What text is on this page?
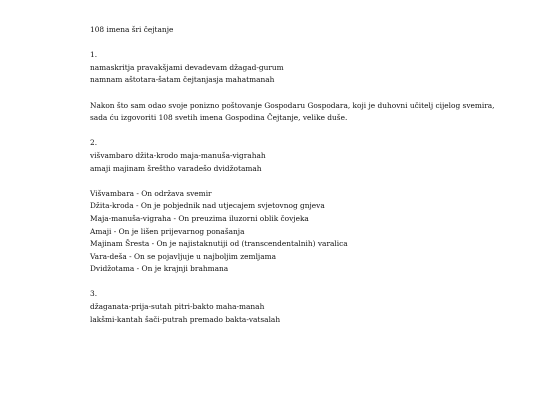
108 imena šri čejtanje
1.
namaskritja pravakšjami devadevam džagad-gurum
namnam aštotara-šatam čejtanjasja mahatmanah
Nakon što sam odao svoje ponizno poštovanje Gospodaru Gospodara, koji je duhovni učitelj cijelog svemira, sada ću izgovoriti 108 svetih imena Gospodina Čejtanje, velike duše.
2.
višvambaro džita-krodo maja-manuša-vigrahah
amaji majinam šreštho varadešo dvidžotamah
Višvambara - On održava svemir
Džita-kroda - On je pobjednik nad utjecajem svjetovnog gnjeva
Maja-manuša-vigraha - On preuzima iluzorni oblik čovjeka
Amaji - On je lišen prijevarnog ponašanja
Majinam Šresta - On je najistaknutiji od (transcendentalnih) varalica
Vara-deša - On se pojavljuje u najboljim zemljama
Dvidžotama - On je krajnji brahmana
3.
džaganata-prija-sutah pitri-bakto maha-manah
lakšmi-kantah šači-putrah premado bakta-vatsalah
